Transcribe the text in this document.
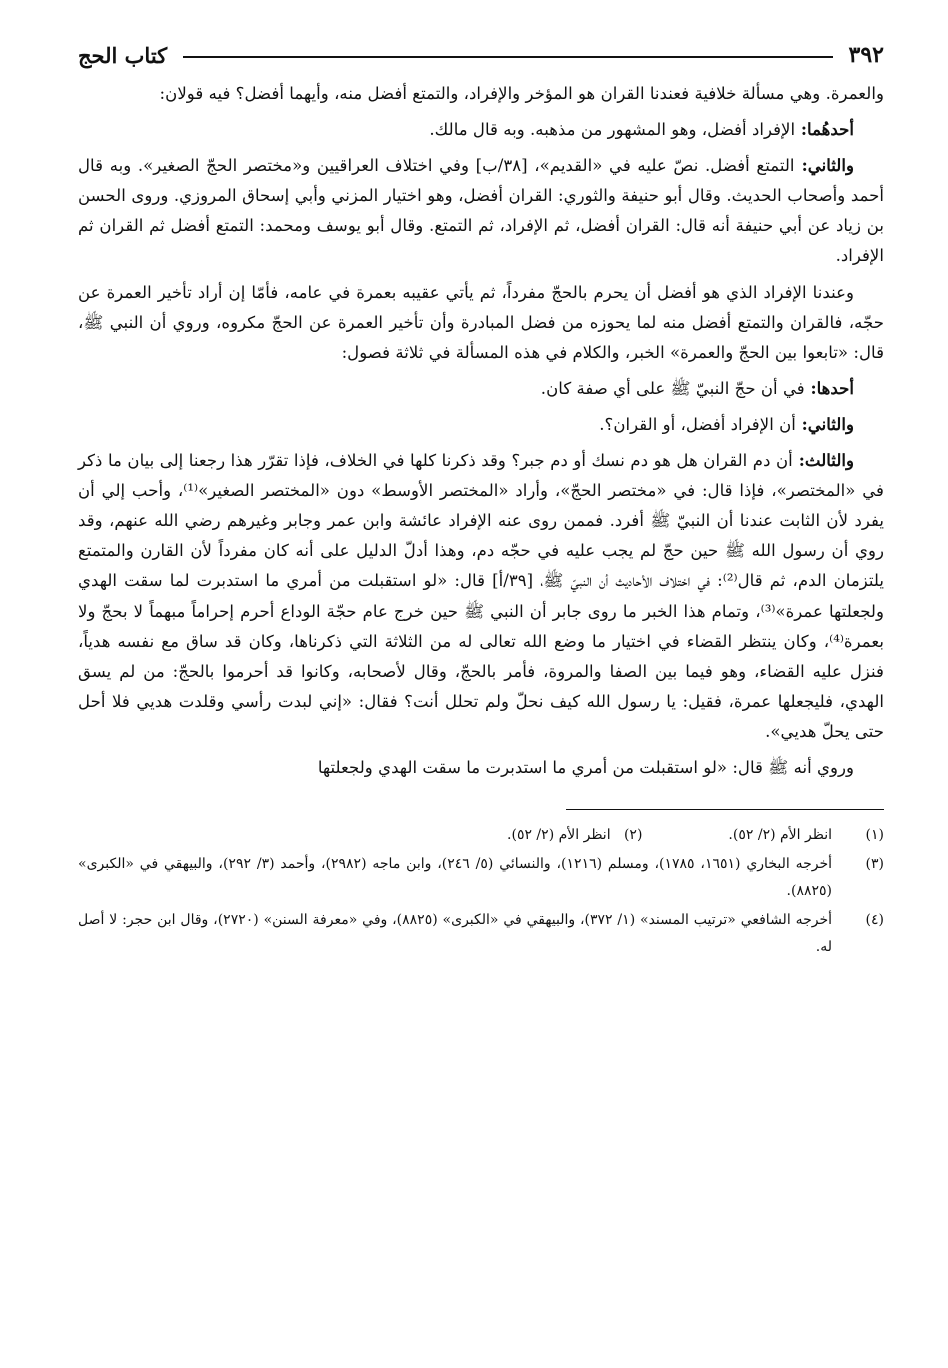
٣٩٢
كتاب الحج

والعمرة. وهي مسألة خلافية فعندنا القران هو المؤخر والإفراد، والتمتع أفضل منه، وأيهما أفضل؟ فيه قولان:

أحدهُما: الإفراد أفضل، وهو المشهور من مذهبه. وبه قال مالك.

والثاني: التمتع أفضل. نصّ عليه في «القديم»، [٣٨/ب] وفي اختلاف العراقيين و«مختصر الحجّ الصغير». وبه قال أحمد وأصحاب الحديث. وقال أبو حنيفة والثوري: القران أفضل، وهو اختيار المزني وأبي إسحاق المروزي. وروى الحسن بن زياد عن أبي حنيفة أنه قال: القران أفضل، ثم الإفراد، ثم التمتع. وقال أبو يوسف ومحمد: التمتع أفضل ثم القران ثم الإفراد.

وعندنا الإفراد الذي هو أفضل أن يحرم بالحجّ مفرداً، ثم يأتي عقيبه بعمرة في عامه، فأمّا إن أراد تأخير العمرة عن حجّه، فالقران والتمتع أفضل منه لما يحوزه من فضل المبادرة وأن تأخير العمرة عن الحجّ مكروه، وروي أن النبي ﷺ، قال: «تابعوا بين الحجّ والعمرة» الخبر، والكلام في هذه المسألة في ثلاثة فصول:

أحدها: في أن حجّ النبيّ ﷺ على أي صفة كان.

والثاني: أن الإفراد أفضل، أو القران؟.

والثالث: أن دم القران هل هو دم نسك أو دم جبر؟ وقد ذكرنا كلها في الخلاف، فإذا تقرّر هذا رجعنا إلى بيان ما ذكر في «المختصر»، فإذا قال: في «مختصر الحجّ»، وأراد «المختصر الأوسط» دون «المختصر الصغير»⁽¹⁾، وأحب إلي أن يفرد لأن الثابت عندنا أن النبيّ ﷺ أفرد. فممن روى عنه الإفراد عائشة وابن عمر وجابر وغيرهم رضي الله عنهم، وقد روي أن رسول الله ﷺ حين حجّ لم يجب عليه في حجّه دم، وهذا أدلّ الدليل على أنه كان مفرداً لأن القارن والمتمتع يلتزمان الدم، ثم قال⁽²⁾: في اختلاف الأحاديث أن النبيّ ﷺ، [٣٩/أ] قال: «لو استقبلت من أمري ما استدبرت لما سقت الهدي ولجعلتها عمرة»⁽³⁾، وتمام هذا الخبر ما روى جابر أن النبي ﷺ حين خرج عام حجّة الوداع أحرم إحراماً مبهماً لا بحجّ ولا بعمرة⁽⁴⁾، وكان ينتظر القضاء في اختيار ما وضع الله تعالى له من الثلاثة التي ذكرناها، وكان قد ساق مع نفسه هدياً، فنزل عليه القضاء، وهو فيما بين الصفا والمروة، فأمر بالحجّ، وقال لأصحابه، وكانوا قد أحرموا بالحجّ: من لم يسق الهدي، فليجعلها عمرة، فقيل: يا رسول الله كيف نحلّ ولم تحلل أنت؟ فقال: «إني لبدت رأسي وقلدت هديي فلا أحل حتى يحلّ هديي».

وروي أنه ﷺ قال: «لو استقبلت من أمري ما استدبرت ما سقت الهدي ولجعلتها

(١)
انظر الأم (٢/ ٥٢).
(٢)   انظر الأم (٢/ ٥٢).
(٣)
أخرجه البخاري (١٦٥١، ١٧٨٥)، ومسلم (١٢١٦)، والنسائي (٥/ ٢٤٦)، وابن ماجه (٢٩٨٢)، وأحمد (٣/ ٢٩٢)، والبيهقي في «الكبرى» (٨٨٢٥).
(٤)
أخرجه الشافعي «ترتيب المسند» (١/ ٣٧٢)، والبيهقي في «الكبرى» (٨٨٢٥)، وفي «معرفة السنن» (٢٧٢٠)، وقال ابن حجر: لا أصل له.
